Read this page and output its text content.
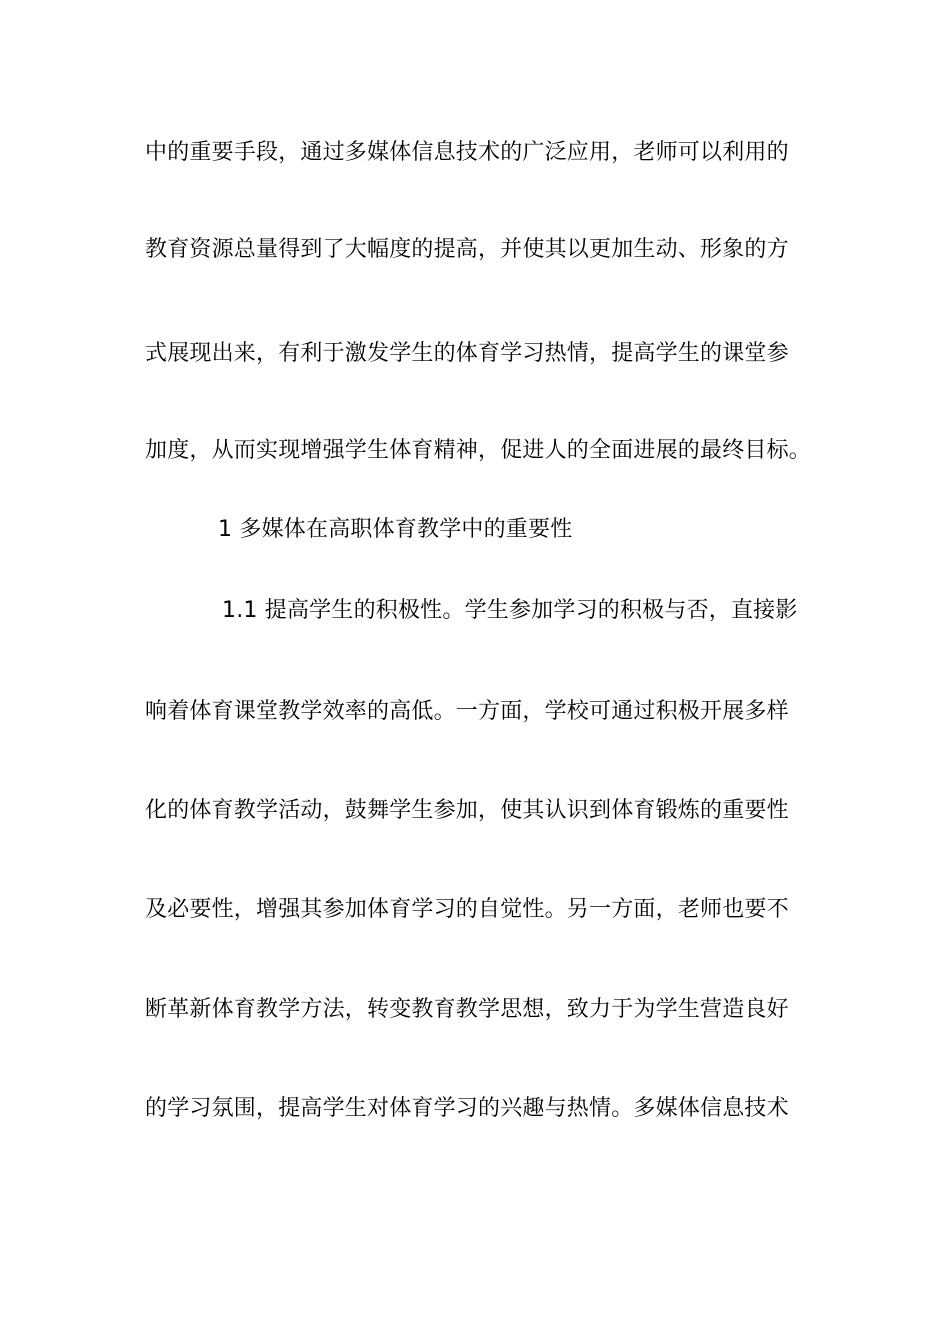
中的重要手段，通过多媒体信息技术的广泛应用，老师可以利用的
教育资源总量得到了大幅度的提高，并使其以更加生动、形象的方
式展现出来，有利于激发学生的体育学习热情，提高学生的课堂参
加度，从而实现增强学生体育精神，促进人的全面进展的最终目标。
1 多媒体在高职体育教学中的重要性
1.1 提高学生的积极性。学生参加学习的积极与否，直接影
响着体育课堂教学效率的高低。一方面，学校可通过积极开展多样
化的体育教学活动，鼓舞学生参加，使其认识到体育锻炼的重要性
及必要性，增强其参加体育学习的自觉性。另一方面，老师也要不
断革新体育教学方法，转变教育教学思想，致力于为学生营造良好
的学习氛围，提高学生对体育学习的兴趣与热情。多媒体信息技术
